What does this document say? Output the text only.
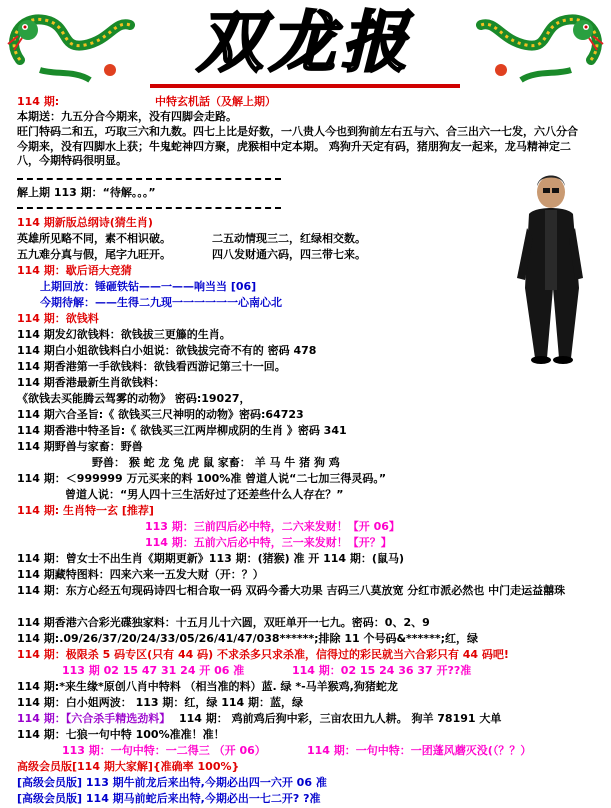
双龙报
114 期:	中特玄机話（及解上期）
本期送：九五分合今期来，没有四脚会走路。
旺门特码二和五，巧取三六和九数。四七上比是好数，一八贵人今也到狗前左右五与六、合三出六一七发，六八分合今期来，没有四脚水上获；牛鬼蛇神四方聚，虎猴相中定本期。 鸡狗升天定有码，猪朋狗友一起来，龙马精神定二八，今期特码很明显。
解上期 113 期：“待解。。。”
114 期新版总纲诗(猜生肖)
英雄所见略不同，素不相识破。	二五动情现三二，红绿相交数。
五九难分真与假，尾字九旺开。	四八发财通六码，四三带七来。
114 期：歇后语大竞猜
上期回放：锤砸铁钻——一——响当当 [06]
今期待解：——生得二九现一一一一一一心南心北
114 期：欲钱料
114 期发幻欲钱料：欲钱拔三更籐的生肖。
114 期白小姐欲钱料白小姐说：欲钱拔完奇不有的 密码 478
114 期香港第一手欲钱料：欲钱看西游记第三十一回。
114 期香港最新生肖欲钱料：
《欲钱去买能腾云驾雾的动物》 密码:19027，
114 期六合圣旨:《 欲钱买三尺神明的动物》密码:64723
114 期香港中特圣旨:《 欲钱买三江两岸柳成阴的生肖 》密码 341
114 期野兽与家畜：野兽
野兽： 猴 蛇 龙 兔 虎 鼠 家畜： 羊 马 牛 猪 狗 鸡
114 期：＜999999 万元买来的料 100%准 曾道人说“二七加三得灵码。”
曾道人说：“男人四十三生活好过了还差些什么人存在？”
114 期: 生肖特一玄 [推荐]
113 期：三前四后必中特，二六来发财！【开 06】
114 期：五前六后必中特，三一来发财！【开？】
114 期：曾女士不出生肖《期期更新》113 期：(猪猴) 准 开 114 期：(鼠马)
114 期藏特图料：四来六来一五发大财（开：？）
114 期：东方心经五句现码诗四七相合取一码 双码今番大功果 吉码三八莫放宽 分红市派必然也 中门走运益囍珠
114 期香港六合彩光碟独家料：十五月儿十六圆，双旺单开一七九。密码：0、2、9
114 期:.09/26/37/20/24/33/05/26/41/47/038******;排除 11 个号码&******;红，绿
114 期：极限杀 5 码专区(只有 44 码) 不求杀多只求杀准，信得过的彩民就当六合彩只有 44 码吧!
113 期 02 15 47 31 24 开 06 准	114 期：02 15 24 36 37 开??准
114 期:*来生缘*原创八肖中特料 （相当准的料）蓝. 绿 *-马羊猴鸡,狗猪蛇龙
114 期：白小姐两波： 113 期：红，绿 114 期：蓝，绿
114 期：【六合杀手精选劲料】 114 期： 鸡前鸡后狗中彩，三亩农田九人耕。 狗羊 78191 大单
114 期：七狼一句中特 100%准准！准！
113 期：一句中特：一二得三 （开 06）	114 期：一句中特：一团蓬风蘑灭没(（？？）
高级会员版[114 期大家解]{准确率 100%}
[高级会员版] 113 期牛前龙后来出特,今期必出四一六开 06 准
[高级会员版] 114 期马前蛇后来出特,今期必出一七二开? ?准
